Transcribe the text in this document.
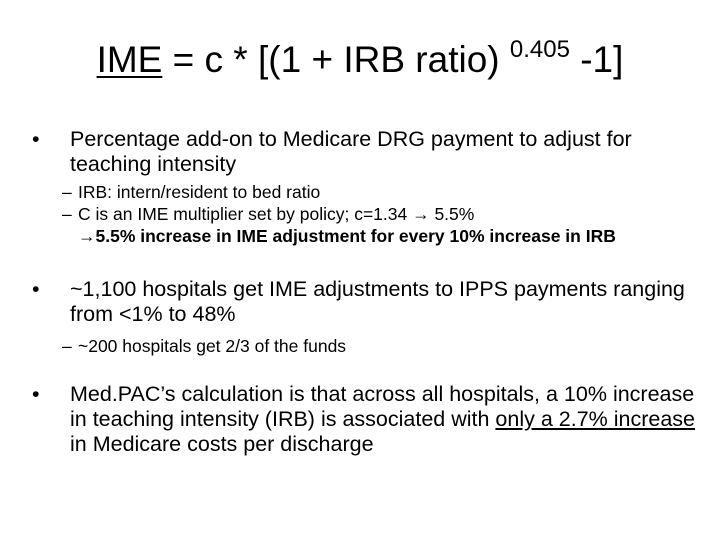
IME = c * [(1 + IRB ratio) $^{0.405}$ -1]
• Percentage add-on to Medicare DRG payment to adjust for teaching intensity
– IRB: intern/resident to bed ratio
– C is an IME multiplier set by policy; c=1.34 → 5.5%
→5.5% increase in IME adjustment for every 10% increase in IRB
• ~1,100 hospitals get IME adjustments to IPPS payments ranging from <1% to 48%
– ~200 hospitals get 2/3 of the funds
• Med.PAC’s calculation is that across all hospitals, a 10% increase in teaching intensity (IRB) is associated with only a 2.7% increase in Medicare costs per discharge
